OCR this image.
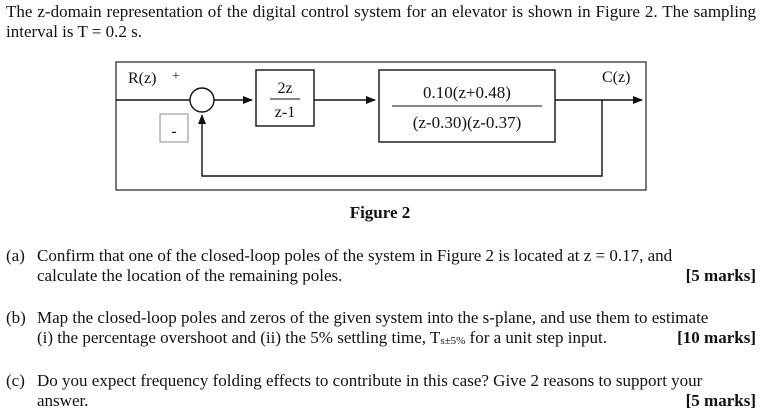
The z-domain representation of the digital control system for an elevator is shown in Figure 2. The sampling interval is T = 0.2 s.

2z
z-1
0.10(z+0.48)
(z-0.30)(z-0.37)
R(z) +
-
C(z)
Figure 2
(a) Confirm that one of the closed-loop poles of the system in Figure 2 is located at z = 0.17, and
calculate the location of the remaining poles.	[5 marks]
(b) Map the closed-loop poles and zeros of the given system into the s-plane, and use them to estimate
(i) the percentage overshoot and (ii) the 5% settling time, Ts±5% for a unit step input.	[10 marks]
(c) Do you expect frequency folding effects to contribute in this case? Give 2 reasons to support your
answer.	[5 marks]
